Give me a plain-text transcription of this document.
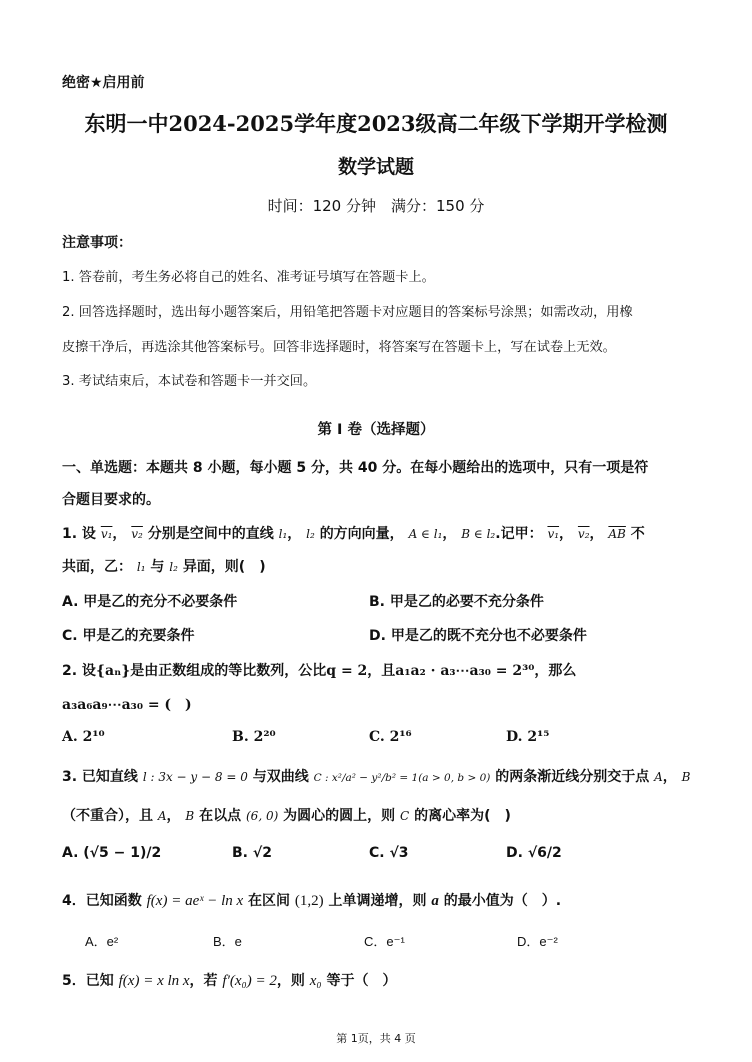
绝密★启用前
东明一中2024-2025学年度2023级高二年级下学期开学检测
数学试题
时间：120 分钟　满分：150 分
注意事项：
1. 答卷前，考生务必将自己的姓名、准考证号填写在答题卡上。
2. 回答选择题时，选出每小题答案后，用铅笔把答题卡对应题目的答案标号涂黑；如需改动，用橡
皮擦干净后，再选涂其他答案标号。回答非选择题时，将答案写在答题卡上，写在试卷上无效。
3. 考试结束后，本试卷和答题卡一并交回。
第 I 卷（选择题）
一、单选题：本题共 8 小题，每小题 5 分，共 40 分。在每小题给出的选项中，只有一项是符
合题目要求的。
1. 设 v₁， v₂ 分别是空间中的直线 l₁， l₂ 的方向向量， A ∈ l₁， B ∈ l₂.记甲： v₁， v₂， $\overline{AB}$ 不
共面，乙： l₁ 与 l₂ 异面，则(　)
A. 甲是乙的充分不必要条件	B. 甲是乙的必要不充分条件
C. 甲是乙的充要条件	D. 甲是乙的既不充分也不必要条件
2. 设{aₙ}是由正数组成的等比数列，公比q = 2，且a₁a₂ · a₃⋯a₃₀ = 2³⁰，那么
a₃a₆a₉⋯a₃₀ = (　)
A. 2¹⁰	B. 2²⁰	C. 2¹⁶	D. 2¹⁵
3. 已知直线 l : 3x − y − 8 = 0 与双曲线 C : x²/a² − y²/b² = 1(a > 0, b > 0) 的两条渐近线分别交于点 A， B
（不重合），且 A， B 在以点 (6, 0) 为圆心的圆上，则 C 的离心率为(　)
A. (√5 − 1)/2	B. √2	C. √3	D. √6/2
4．已知函数 f(x) = aeˣ − ln x 在区间 (1,2) 上单调递增，则 a 的最小值为（　）.
A．e²	B．e	C．e⁻¹	D．e⁻²
5．已知 f(x) = x ln x，若 f′(x₀) = 2，则 x₀ 等于（　）
第 1页，共 4 页
